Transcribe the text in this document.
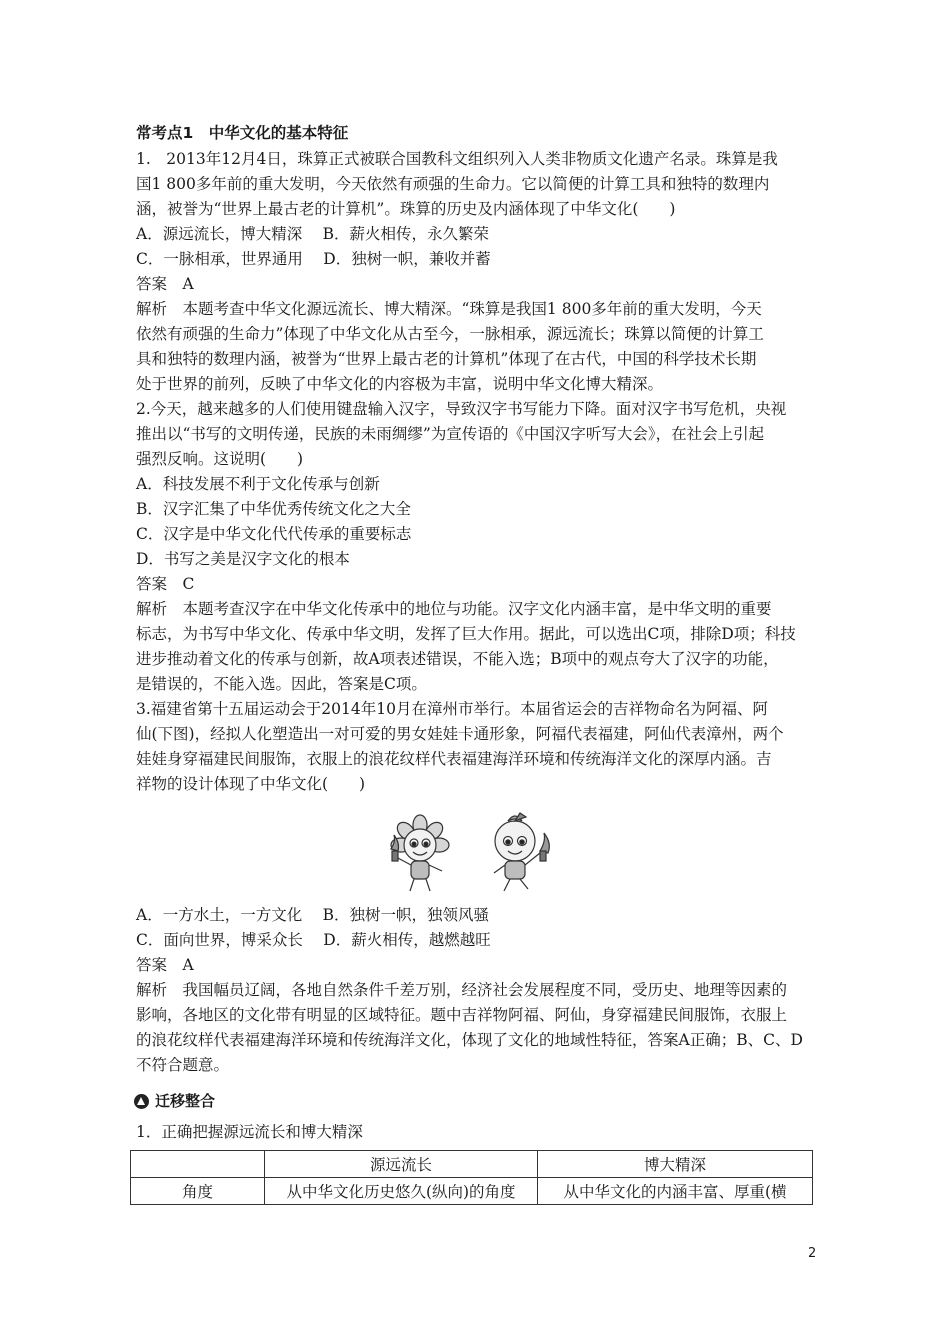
常考点1　中华文化的基本特征
1.　2013年12月4日，珠算正式被联合国教科文组织列入人类非物质文化遗产名录。珠算是我
国1 800多年前的重大发明，今天依然有顽强的生命力。它以简便的计算工具和独特的数理内
涵，被誉为“世界上最古老的计算机”。珠算的历史及内涵体现了中华文化(　　)
A．源远流长，博大精深　 B．薪火相传，永久繁荣
C．一脉相承，世界通用　 D．独树一帜，兼收并蓄
答案　A
解析　本题考查中华文化源远流长、博大精深。“珠算是我国1 800多年前的重大发明，今天
依然有顽强的生命力”体现了中华文化从古至今，一脉相承，源远流长；珠算以简便的计算工
具和独特的数理内涵，被誉为“世界上最古老的计算机”体现了在古代，中国的科学技术长期
处于世界的前列，反映了中华文化的内容极为丰富，说明中华文化博大精深。
2.今天，越来越多的人们使用键盘输入汉字，导致汉字书写能力下降。面对汉字书写危机，央视
推出以“书写的文明传递，民族的未雨绸缪”为宣传语的《中国汉字听写大会》，在社会上引起
强烈反响。这说明(　　)
A．科技发展不利于文化传承与创新
B．汉字汇集了中华优秀传统文化之大全
C．汉字是中华文化代代传承的重要标志
D．书写之美是汉字文化的根本
答案　C
解析　本题考查汉字在中华文化传承中的地位与功能。汉字文化内涵丰富，是中华文明的重要
标志，为书写中华文化、传承中华文明，发挥了巨大作用。据此，可以选出C项，排除D项；科技
进步推动着文化的传承与创新，故A项表述错误，不能入选；B项中的观点夸大了汉字的功能，
是错误的，不能入选。因此，答案是C项。
3.福建省第十五届运动会于2014年10月在漳州市举行。本届省运会的吉祥物命名为阿福、阿
仙(下图)，经拟人化塑造出一对可爱的男女娃娃卡通形象，阿福代表福建，阿仙代表漳州，两个
娃娃身穿福建民间服饰，衣服上的浪花纹样代表福建海洋环境和传统海洋文化的深厚内涵。吉
祥物的设计体现了中华文化(　　)
A．一方水土，一方文化　 B．独树一帜，独领风骚
C．面向世界，博采众长　 D．薪火相传，越燃越旺
答案　A
解析　我国幅员辽阔，各地自然条件千差万别，经济社会发展程度不同，受历史、地理等因素的
影响，各地区的文化带有明显的区域特征。题中吉祥物阿福、阿仙，身穿福建民间服饰，衣服上
的浪花纹样代表福建海洋环境和传统海洋文化，体现了文化的地域性特征，答案A正确；B、C、D
不符合题意。
迁移整合
1．正确把握源远流长和博大精深
	源远流长	博大精深
角度	从中华文化历史悠久(纵向)的角度	从中华文化的内涵丰富、厚重(横
2
